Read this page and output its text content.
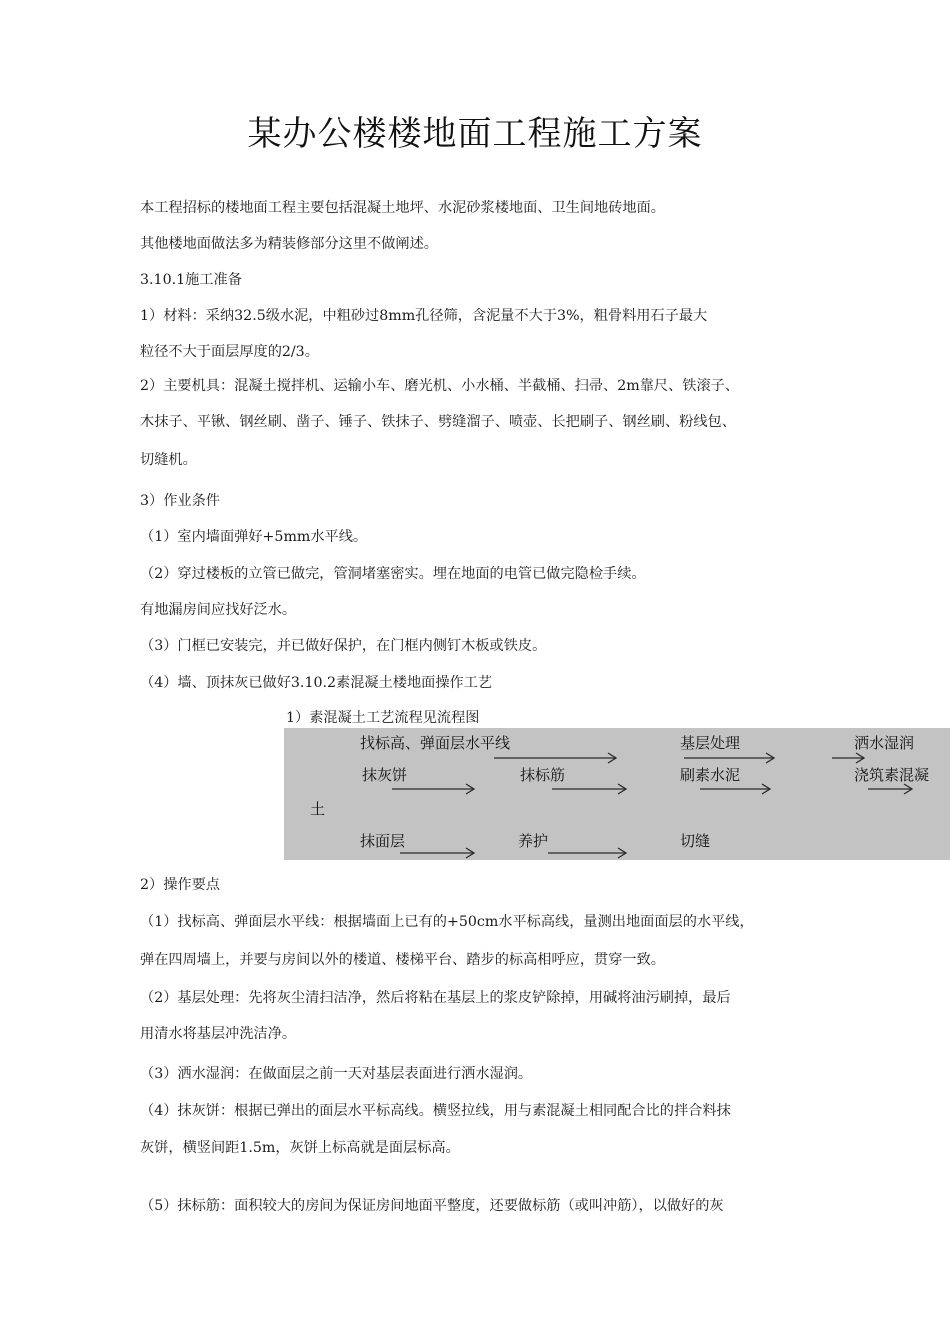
某办公楼楼地面工程施工方案
本工程招标的楼地面工程主要包括混凝土地坪、水泥砂浆楼地面、卫生间地砖地面。
其他楼地面做法多为精装修部分这里不做阐述。
3.10.1施工准备
1）材料：采纳32.5级水泥，中粗砂过8mm孔径筛，含泥量不大于3%，粗骨料用石子最大
粒径不大于面层厚度的2/3。
2）主要机具：混凝土搅拌机、运输小车、磨光机、小水桶、半截桶、扫帚、2m靠尺、铁滚子、
木抹子、平锹、钢丝刷、凿子、锤子、铁抹子、劈缝溜子、喷壶、长把刷子、钢丝刷、粉线包、
切缝机。
3）作业条件
（1）室内墙面弹好+5mm水平线。
（2）穿过楼板的立管已做完，管洞堵塞密实。埋在地面的电管已做完隐检手续。
有地漏房间应找好泛水。
（3）门框已安装完，并已做好保护，在门框内侧钉木板或铁皮。
（4）墙、顶抹灰已做好3.10.2素混凝土楼地面操作工艺
1）素混凝土工艺流程见流程图
找标高、弹面层水平线	基层处理	洒水湿润
抹灰饼	抹标筋	刷素水泥	浇筑素混凝
土
抹面层	养护	切缝
2）操作要点
（1）找标高、弹面层水平线：根据墙面上已有的+50cm水平标高线，量测出地面面层的水平线，
弹在四周墙上，并要与房间以外的楼道、楼梯平台、踏步的标高相呼应，贯穿一致。
（2）基层处理：先将灰尘清扫洁净，然后将粘在基层上的浆皮铲除掉，用碱将油污刷掉，最后
用清水将基层冲洗洁净。
（3）洒水湿润：在做面层之前一天对基层表面进行洒水湿润。
（4）抹灰饼：根据已弹出的面层水平标高线。横竖拉线，用与素混凝土相同配合比的拌合料抹
灰饼，横竖间距1.5m，灰饼上标高就是面层标高。
（5）抹标筋：面积较大的房间为保证房间地面平整度，还要做标筋（或叫冲筋），以做好的灰
